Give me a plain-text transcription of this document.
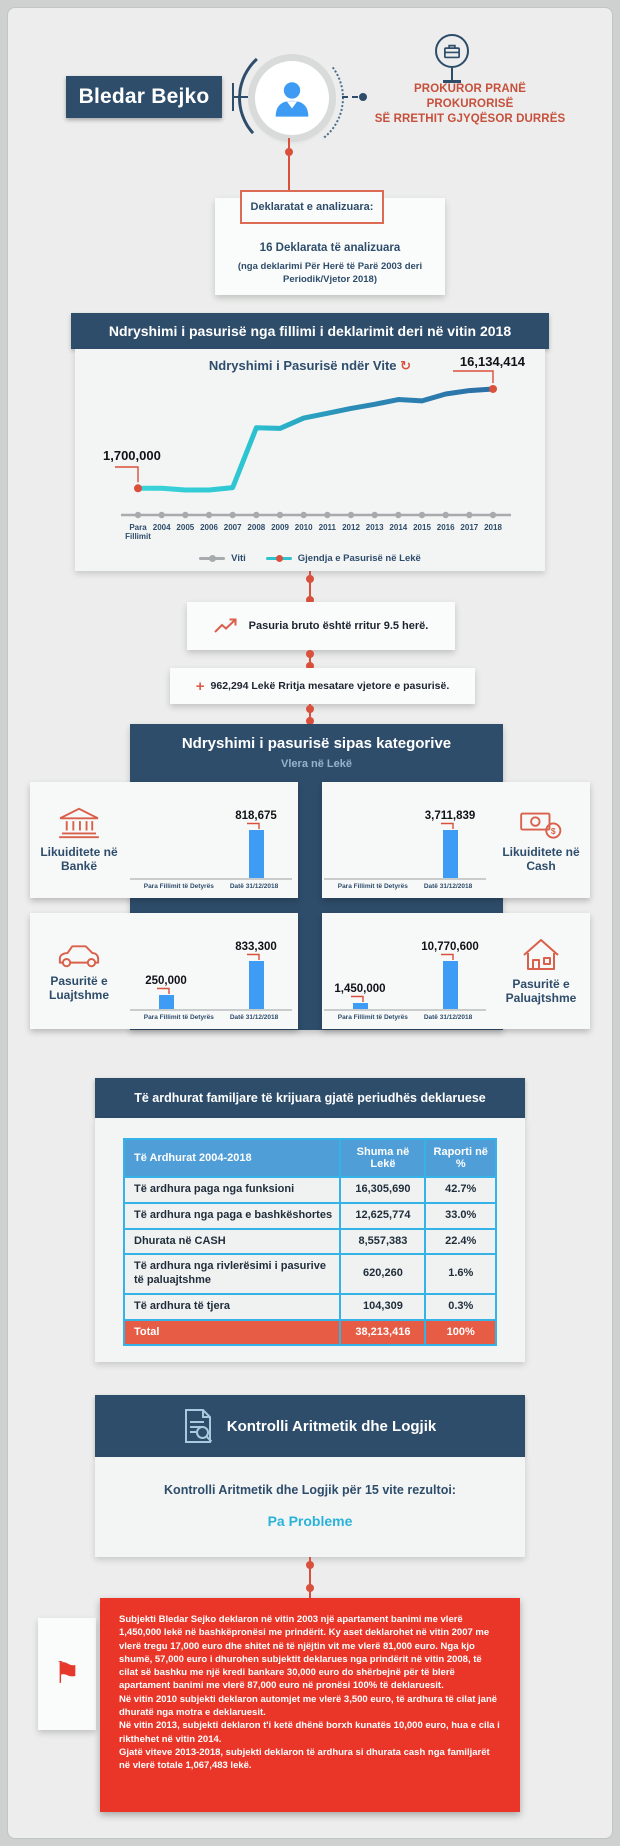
Bledar Bejko	PROKUROR PRANË PROKURORISË
SË RRETHIT GJYQËSOR DURRËS
Deklaratat e analizuara:
16 Deklarata të analizuara
(nga deklarimi Për Herë të Parë 2003 deri Periodik/Vjetor 2018)
Ndryshimi i pasurisë nga fillimi i deklarimit deri në vitin 2018
Ndryshimi i Pasurisë ndër Vite ↻	16,134,414
1,700,000
Para Fillimit
2004 2005 2006 2007 2008 2009 2010 2011 2012 2013 2014 2015 2016 2017 2018
Viti	Gjendja e Pasurisë në Lekë
Pasuria bruto është rritur 9.5 herë.
+ 962,294 Lekë Rritja mesatare vjetore e pasurisë.
Ndryshimi i pasurisë sipas kategorive
Vlera në Lekë
Likuiditete në Bankë
818,675
Para Fillimit të Detyrës Datë 31/12/2018
$
Likuiditete në Cash
3,711,839
Para Fillimit të Detyrës Datë 31/12/2018
Pasuritë e Luajtshme
250,000
833,300
Para Fillimit të Detyrës Datë 31/12/2018
Pasuritë e Paluajtshme
1,450,000
10,770,600
Para Fillimit të Detyrës Datë 31/12/2018
Të ardhurat familjare të krijuara gjatë periudhës deklaruese
Të Ardhurat 2004-2018	Shuma në Lekë	Raporti në %
Të ardhura paga nga funksioni	16,305,690	42.7%
Të ardhura nga paga e bashkëshortes	12,625,774	33.0%
Dhurata në CASH	8,557,383	22.4%
Të ardhura nga rivlerësimi i pasurive të paluajtshme	620,260	1.6%
Të ardhura të tjera	104,309	0.3%
Total	38,213,416	100%
Kontrolli Aritmetik dhe Logjik
Kontrolli Aritmetik dhe Logjik për 15 vite rezultoi:
Pa Probleme
⚑

Subjekti Bledar Sejko deklaron në vitin 2003 një apartament banimi me vlerë 1,450,000 lekë në bashkëpronësi me prindërit. Ky aset deklarohet në vitin 2007 me vlerë tregu 17,000 euro dhe shitet në të njëjtin vit me vlerë 81,000 euro. Nga kjo shumë, 57,000 euro i dhurohen subjektit deklarues nga prindërit në vitin 2008, të cilat së bashku me një kredi bankare 30,000 euro do shërbejnë për të blerë apartament banimi me vlerë 87,000 euro në pronësi 100% të deklaruesit.

Në vitin 2010 subjekti deklaron automjet me vlerë 3,500 euro, të ardhura të cilat janë dhuratë nga motra e deklaruesit.

Në vitin 2013, subjekti deklaron t'i ketë dhënë borxh kunatës 10,000 euro, hua e cila i rikthehet në vitin 2014.

Gjatë viteve 2013-2018, subjekti deklaron të ardhura si dhurata cash nga familjarët në vlerë totale 1,067,483 lekë.
